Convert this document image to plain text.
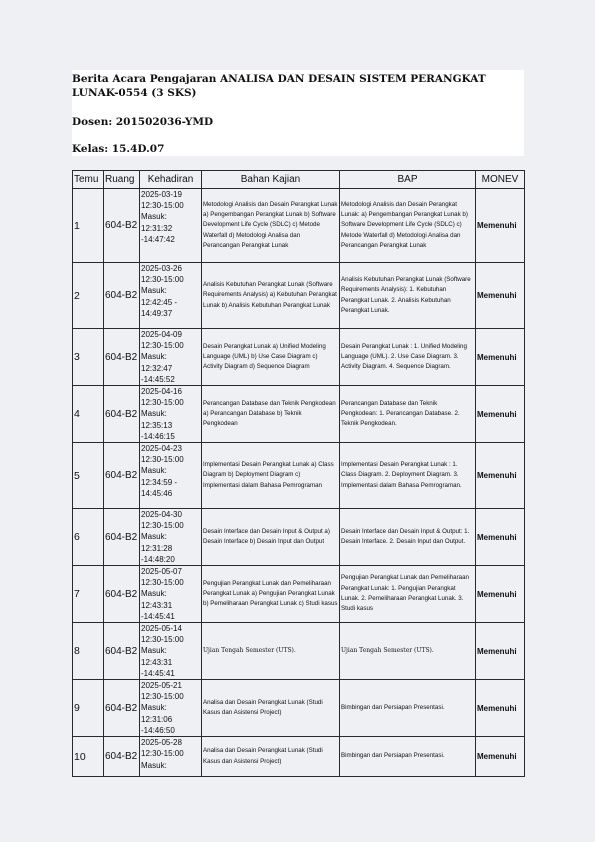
Berita Acara Pengajaran ANALISA DAN DESAIN SISTEM PERANGKAT LUNAK-0554 (3 SKS)
Dosen: 201502036-YMD
Kelas: 15.4D.07
Temu	Ruang	Kehadiran	Bahan Kajian	BAP	MONEV
1	604-B2	2025-03-19
12:30-15:00
Masuk: 12:31:32
-14:47:42	Metodologi Analisis dan Desain Perangkat Lunak a) Pengembangan Perangkat Lunak b) Software Development Life Cycle (SDLC) c) Metode Waterfall d) Metodologi Analisa dan Perancangan Perangkat Lunak	Metodologi Analisis dan Desain Perangkat Lunak: a) Pengembangan Perangkat Lunak b) Software Development Life Cycle (SDLC) c) Metode Waterfall d) Metodologi Analisa dan Perancangan Perangkat Lunak	Memenuhi
2	604-B2	2025-03-26
12:30-15:00
Masuk:
12:42:45 -
14:49:37	Analisis Kebutuhan Perangkat Lunak (Software Requirements Analysis) a) Kebutuhan Perangkat Lunak b) Analisis Kebutuhan Perangkat Lunak	Analisis Kebutuhan Perangkat Lunak (Software Requirements Analysis): 1. Kebutuhan Perangkat Lunak. 2. Analisis Kebutuhan Perangkat Lunak.	Memenuhi
3	604-B2	2025-04-09
12:30-15:00
Masuk: 12:32:47
-14:45:52	Desain Perangkat Lunak a) Unified Modeling Language (UML) b) Use Case Diagram c) Activity Diagram d) Sequence Diagram	Desain Perangkat Lunak : 1. Unified Modeling Language (UML). 2. Use Case Diagram. 3. Activity Diagram. 4. Sequence Diagram.	Memenuhi
4	604-B2	2025-04-16
12:30-15:00
Masuk: 12:35:13
-14:46:15	Perancangan Database dan Teknik Pengkodean a) Perancangan Database b) Teknik Pengkodean	Perancangan Database dan Teknik Pengkodean: 1. Perancangan Database. 2. Teknik Pengkodean.	Memenuhi
5	604-B2	2025-04-23
12:30-15:00
Masuk:
12:34:59 -
14:45:46	Implementasi Desain Perangkat Lunak a) Class Diagram b) Deployment Diagram c) Implementasi dalam Bahasa Pemrograman	Implementasi Desain Perangkat Lunak : 1. Class Diagram. 2. Deployment Diagram. 3. Implementasi dalam Bahasa Pemrograman.	Memenuhi
6	604-B2	2025-04-30
12:30-15:00
Masuk: 12:31:28
-14:48:20	Desain Interface dan Desain Input & Output a) Desain Interface b) Desain Input dan Output	Desain Interface dan Desain Input & Output: 1. Desain Interface. 2. Desain Input dan Output.	Memenuhi
7	604-B2	2025-05-07
12:30-15:00
Masuk: 12:43:31
-14:45:41	Pengujian Perangkat Lunak dan Pemeliharaan Perangkat Lunak a) Pengujian Perangkat Lunak b) Pemeliharaan Perangkat Lunak c) Studi kasus	Pengujian Perangkat Lunak dan Pemeliharaan Perangkat Lunak: 1. Pengujian Perangkat Lunak. 2. Pemeliharaan Perangkat Lunak. 3. Studi kasus	Memenuhi
8	604-B2	2025-05-14
12:30-15:00
Masuk: 12:43:31
-14:45:41	Ujian Tengah Semester (UTS).	Ujian Tengah Semester (UTS).	Memenuhi
9	604-B2	2025-05-21
12:30-15:00
Masuk: 12:31:06
-14:46:50	Analisa dan Desain Perangkat Lunak (Studi Kasus dan Asistensi Project)	Bimbingan dan Persiapan Presentasi.	Memenuhi
10	604-B2	2025-05-28
12:30-15:00
Masuk:	Analisa dan Desain Perangkat Lunak (Studi Kasus dan Asistensi Project)	Bimbingan dan Persiapan Presentasi.	Memenuhi
